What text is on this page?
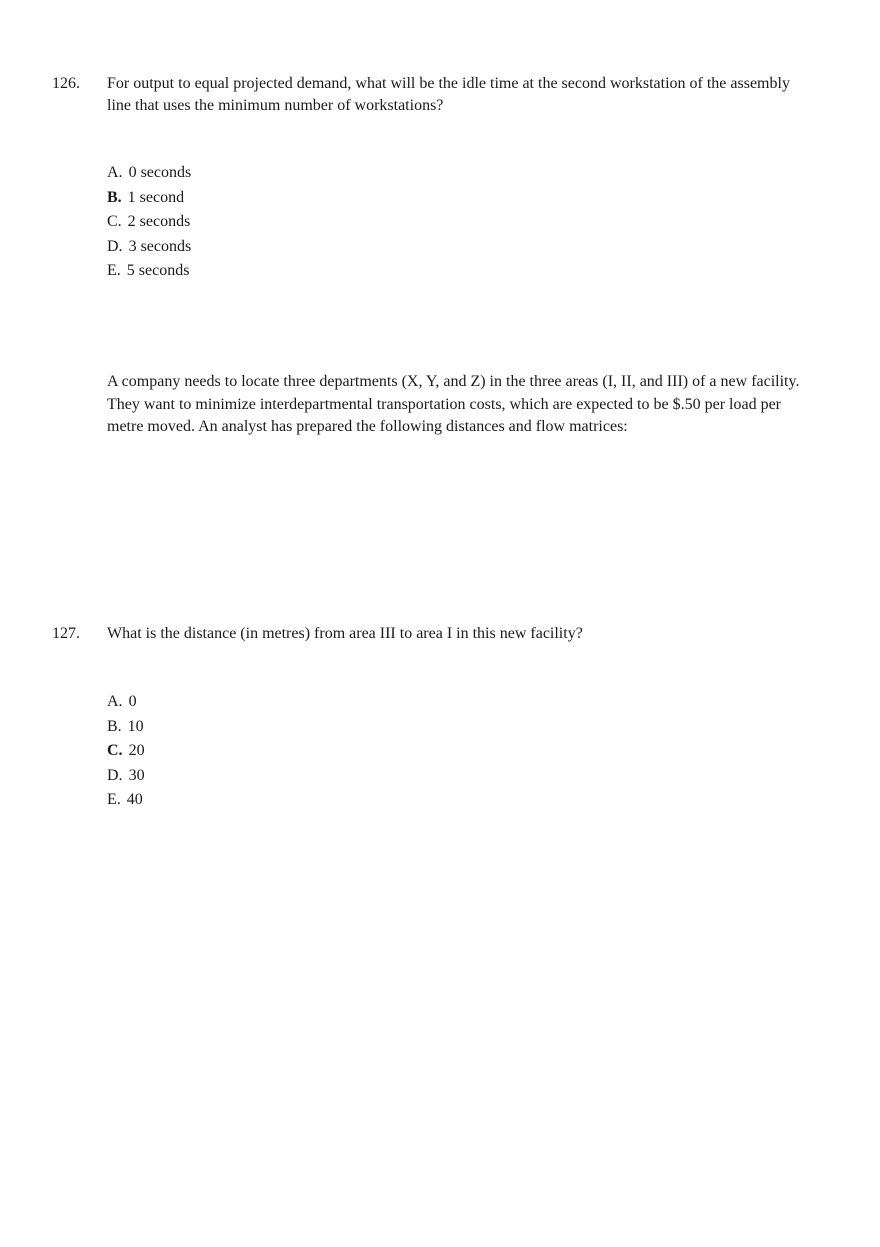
126. For output to equal projected demand, what will be the idle time at the second workstation of the assembly line that uses the minimum number of workstations?
A. 0 seconds
B. 1 second
C. 2 seconds
D. 3 seconds
E. 5 seconds
A company needs to locate three departments (X, Y, and Z) in the three areas (I, II, and III) of a new facility. They want to minimize interdepartmental transportation costs, which are expected to be $.50 per load per metre moved. An analyst has prepared the following distances and flow matrices:
127. What is the distance (in metres) from area III to area I in this new facility?
A. 0
B. 10
C. 20
D. 30
E. 40
